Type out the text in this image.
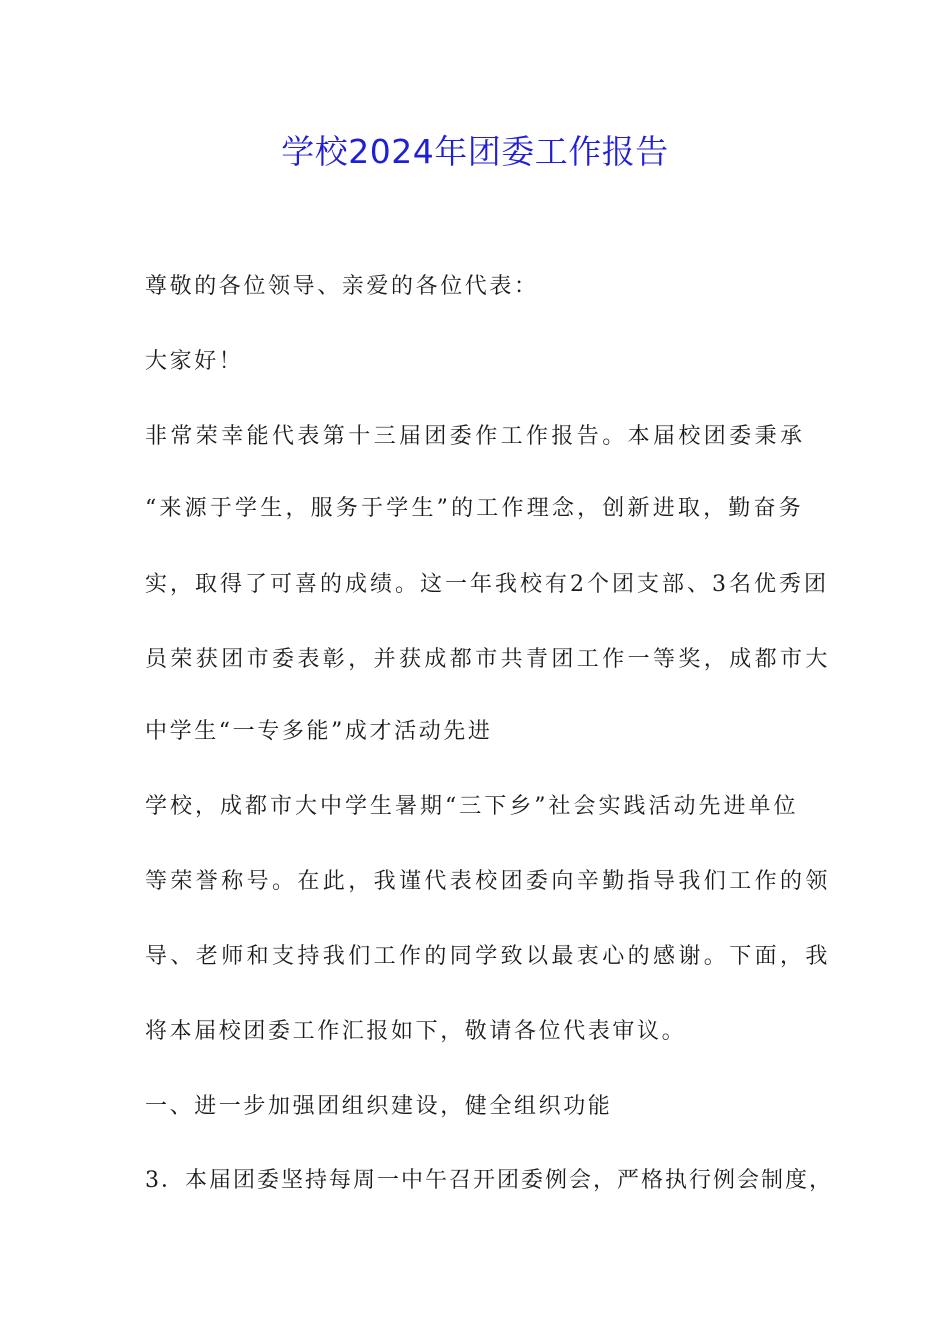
学校2024年团委工作报告
尊敬的各位领导、亲爱的各位代表：
大家好！
非常荣幸能代表第十三届团委作工作报告。本届校团委秉承
“来源于学生，服务于学生”的工作理念，创新进取，勤奋务
实，取得了可喜的成绩。这一年我校有2个团支部、3名优秀团
员荣获团市委表彰，并获成都市共青团工作一等奖，成都市大
中学生“一专多能”成才活动先进
学校，成都市大中学生暑期“三下乡”社会实践活动先进单位
等荣誉称号。在此，我谨代表校团委向辛勤指导我们工作的领
导、老师和支持我们工作的同学致以最衷心的感谢。下面，我
将本届校团委工作汇报如下，敬请各位代表审议。
一、进一步加强团组织建设，健全组织功能
3．本届团委坚持每周一中午召开团委例会，严格执行例会制度，
